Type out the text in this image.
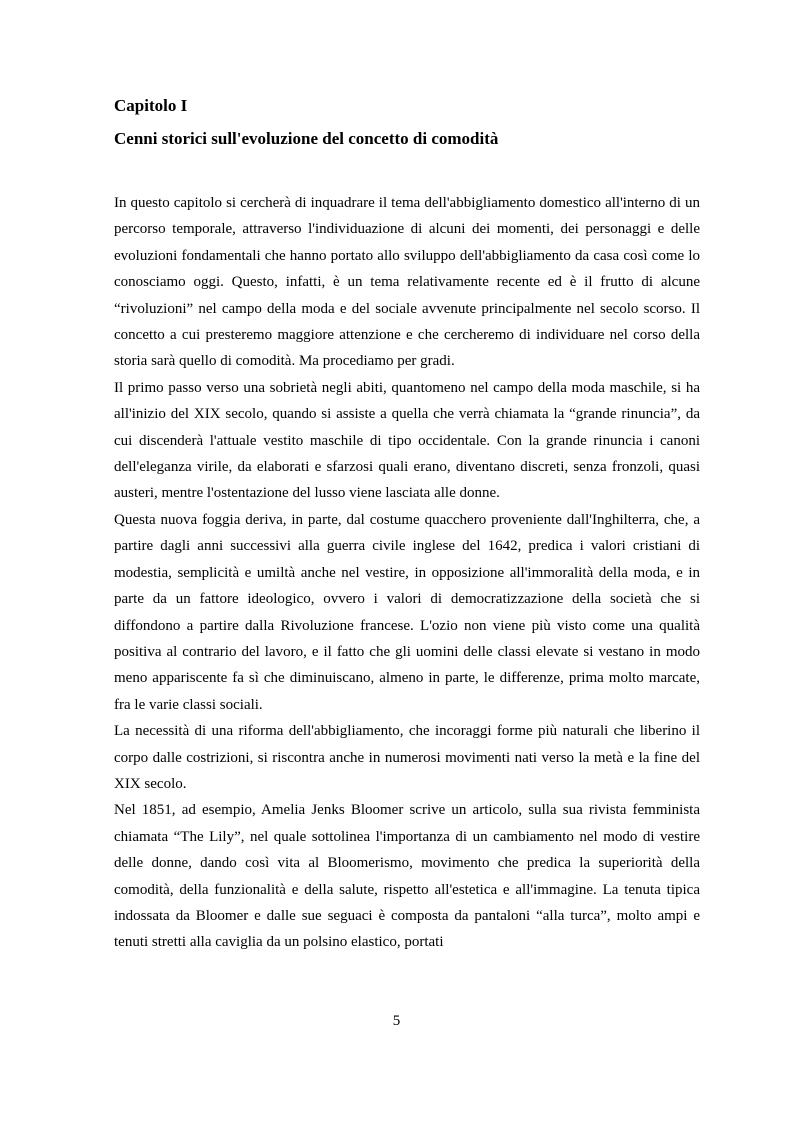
Capitolo I
Cenni storici sull'evoluzione del concetto di comodità

In questo capitolo si cercherà di inquadrare il tema dell'abbigliamento domestico all'interno di un percorso temporale, attraverso l'individuazione di alcuni dei momenti, dei personaggi e delle evoluzioni fondamentali che hanno portato allo sviluppo dell'abbigliamento da casa così come lo conosciamo oggi. Questo, infatti, è un tema relativamente recente ed è il frutto di alcune “rivoluzioni” nel campo della moda e del sociale avvenute principalmente nel secolo scorso. Il concetto a cui presteremo maggiore attenzione e che cercheremo di individuare nel corso della storia sarà quello di comodità. Ma procediamo per gradi.

Il primo passo verso una sobrietà negli abiti, quantomeno nel campo della moda maschile, si ha all'inizio del XIX secolo, quando si assiste a quella che verrà chiamata la “grande rinuncia”, da cui discenderà l'attuale vestito maschile di tipo occidentale. Con la grande rinuncia i canoni dell'eleganza virile, da elaborati e sfarzosi quali erano, diventano discreti, senza fronzoli, quasi austeri, mentre l'ostentazione del lusso viene lasciata alle donne.

Questa nuova foggia deriva, in parte, dal costume quacchero proveniente dall'Inghilterra, che, a partire dagli anni successivi alla guerra civile inglese del 1642, predica i valori cristiani di modestia, semplicità e umiltà anche nel vestire, in opposizione all'immoralità della moda, e in parte da un fattore ideologico, ovvero i valori di democratizzazione della società che si diffondono a partire dalla Rivoluzione francese. L'ozio non viene più visto come una qualità positiva al contrario del lavoro, e il fatto che gli uomini delle classi elevate si vestano in modo meno appariscente fa sì che diminuiscano, almeno in parte, le differenze, prima molto marcate, fra le varie classi sociali.

La necessità di una riforma dell'abbigliamento, che incoraggi forme più naturali che liberino il corpo dalle costrizioni, si riscontra anche in numerosi movimenti nati verso la metà e la fine del XIX secolo.

Nel 1851, ad esempio, Amelia Jenks Bloomer scrive un articolo, sulla sua rivista femminista chiamata “The Lily”, nel quale sottolinea l'importanza di un cambiamento nel modo di vestire delle donne, dando così vita al Bloomerismo, movimento che predica la superiorità della comodità, della funzionalità e della salute, rispetto all'estetica e all'immagine. La tenuta tipica indossata da Bloomer e dalle sue seguaci è composta da pantaloni “alla turca”, molto ampi e tenuti stretti alla caviglia da un polsino elastico, portati

5
